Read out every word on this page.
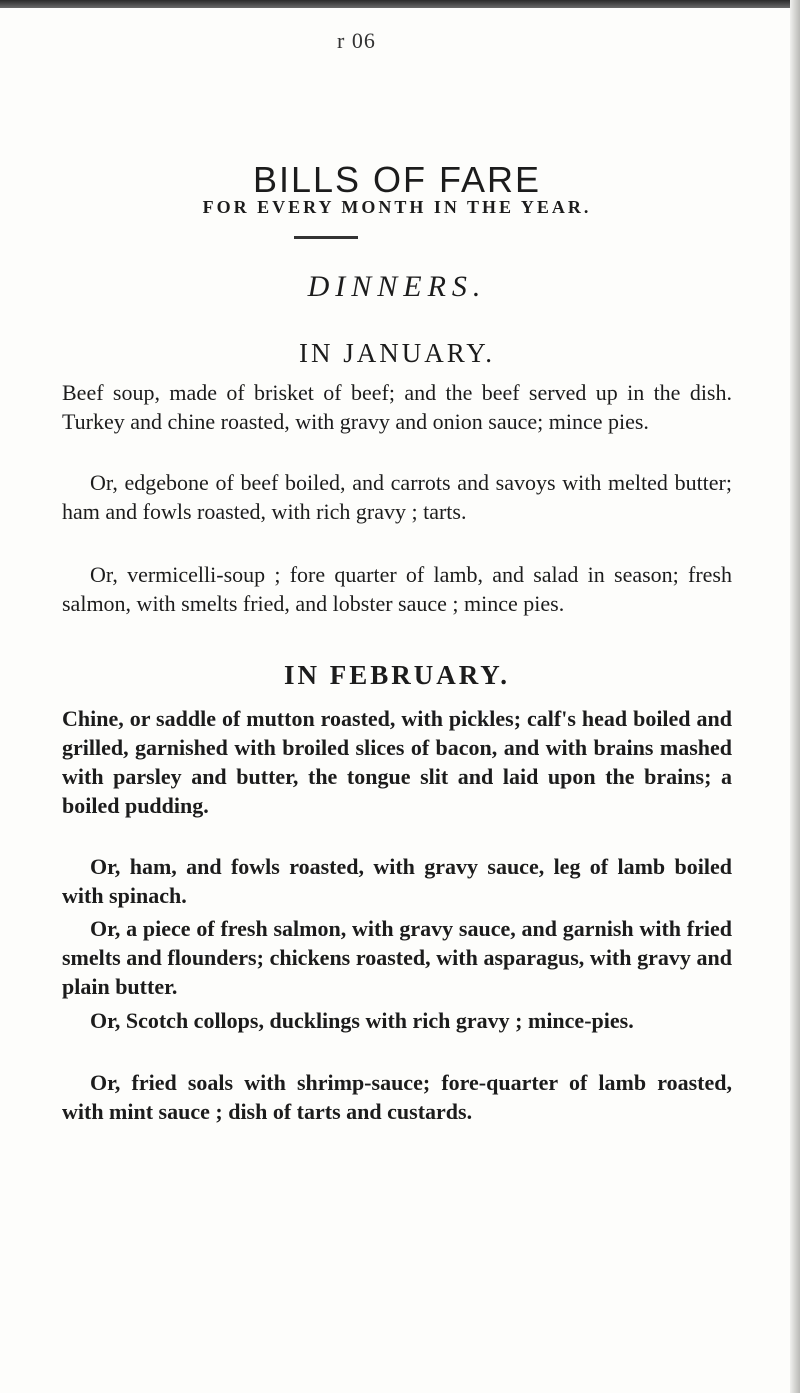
r 06
BILLS OF FARE
FOR EVERY MONTH IN THE YEAR.
DINNERS.
IN JANUARY.

Beef soup, made of brisket of beef; and the beef served up in the dish. Turkey and chine roasted, with gravy and onion sauce; mince pies.

Or, edgebone of beef boiled, and carrots and savoys with melted butter; ham and fowls roasted, with rich gravy ; tarts.

Or, vermicelli-soup ; fore quarter of lamb, and salad in season; fresh salmon, with smelts fried, and lobster sauce ; mince pies.

IN FEBRUARY.

Chine, or saddle of mutton roasted, with pickles; calf's head boiled and grilled, garnished with broiled slices of bacon, and with brains mashed with parsley and butter, the tongue slit and laid upon the brains; a boiled pudding.

Or, ham, and fowls roasted, with gravy sauce, leg of lamb boiled with spinach.

Or, a piece of fresh salmon, with gravy sauce, and garnish with fried smelts and flounders; chickens roasted, with asparagus, with gravy and plain butter.

Or, Scotch collops, ducklings with rich gravy ; mince-pies.

Or, fried soals with shrimp-sauce; fore-quarter of lamb roasted, with mint sauce ; dish of tarts and custards.
